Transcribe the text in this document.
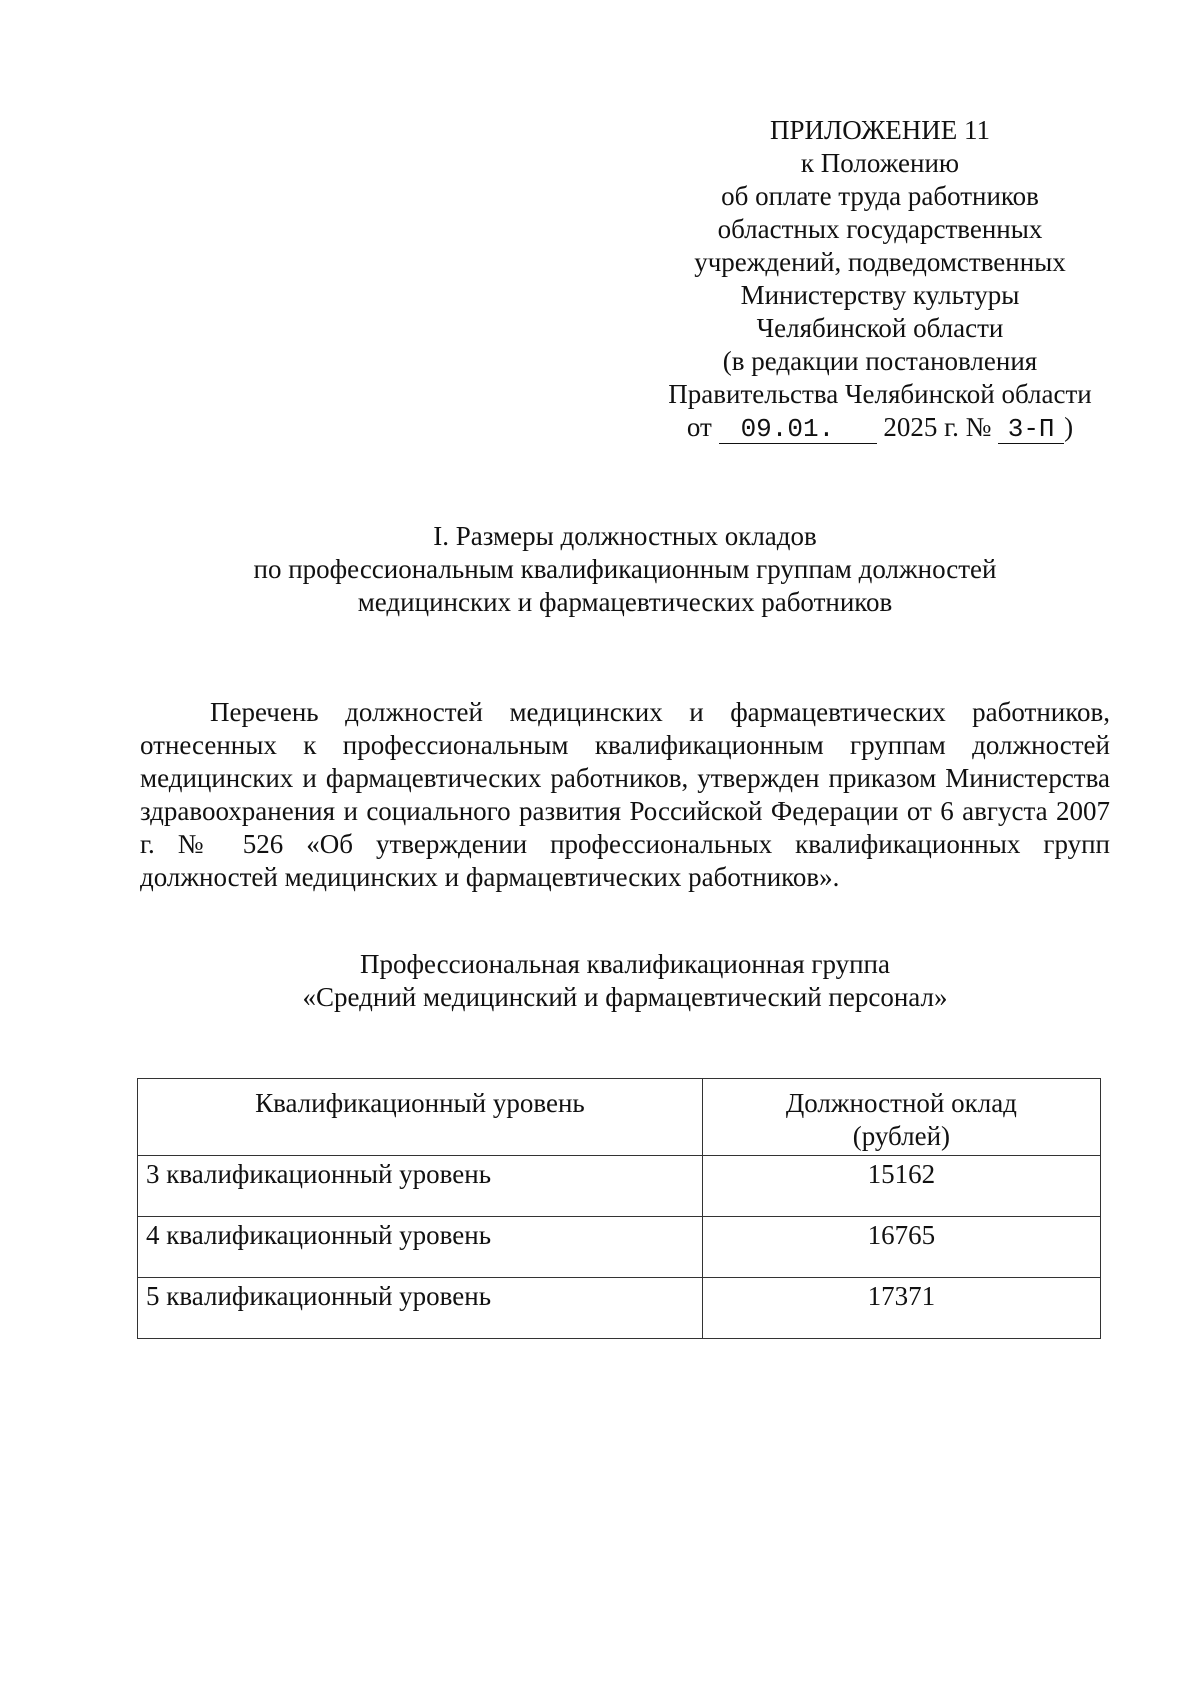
ПРИЛОЖЕНИЕ 11
к Положению
об оплате труда работников
областных государственных
учреждений, подведомственных
Министерству культуры
Челябинской области
(в редакции постановления
Правительства Челябинской области
от 09.01. 2025 г. № 3-П )
I. Размеры должностных окладов
по профессиональным квалификационным группам должностей
медицинских и фармацевтических работников

Перечень должностей медицинских и фармацевтических работников, отнесенных к профессиональным квалификационным группам должностей медицинских и фармацевтических работников, утвержден приказом Министерства здравоохранения и социального развития Российской Федерации от 6 августа 2007 г. № 526 «Об утверждении профессиональных квалификационных групп должностей медицинских и фармацевтических работников».

Профессиональная квалификационная группа
«Средний медицинский и фармацевтический персонал»
Квалификационный уровень	Должностной оклад
(рублей)
3 квалификационный уровень	15162
4 квалификационный уровень	16765
5 квалификационный уровень	17371
